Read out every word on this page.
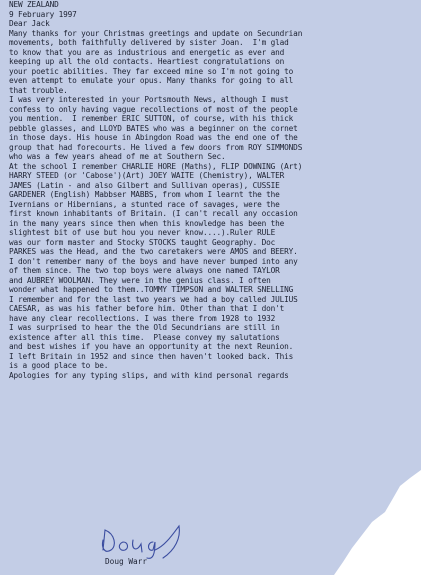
NEW ZEALAND
9 February 1997
Dear Jack
Many thanks for your Christmas greetings and update on Secundrian
movements, both faithfully delivered by sister Joan.  I'm glad
to know that you are as industrious and energetic as ever and
keeping up all the old contacts. Heartiest congratulations on
your poetic abilities. They far exceed mine so I'm not going to
even attempt to emulate your opus. Many thanks for going to all
that trouble.
I was very interested in your Portsmouth News, although I must
confess to only having vague recollections of most of the people
you mention.  I remember ERIC SUTTON, of course, with his thick
pebble glasses, and LLOYD BATES who was a beginner on the cornet
in those days. His house in Abingdon Road was the end one of the
group that had forecourts. He lived a few doors from ROY SIMMONDS
who was a few years ahead of me at Southern Sec.
At the school I remember CHARLIE HORE (Maths), FLIP DOWNING (Art)
HARRY STEED (or 'Cabose')(Art) JOEY WAITE (Chemistry), WALTER
JAMES (Latin - and also Gilbert and Sullivan operas), CUSSIE
GARDENER (English) Mabbser MABBS, from whom I learnt the the
Ivernians or Hibernians, a stunted race of savages, were the
first known inhabitants of Britain. (I can't recall any occasion
in the many years since then when this knowledge has been the
slightest bit of use but hou you never know....).Ruler RULE
was our form master and Stocky STOCKS taught Geography. Doc
PARKES was the Head, and the two caretakers were AMOS and BEERY.
I don't remember many of the boys and have never bumped into any
of them since. The two top boys were always one named TAYLOR
and AUBREY WOOLMAN. They were in the genius class. I often
wonder what happened to them..TOMMY TIMPSON and WALTER SNELLING
I remember and for the last two years we had a boy called JULIUS
CAESAR, as was his father before him. Other than that I don't
have any clear recollections. I was there from 1928 to 1932
I was surprised to hear the the Old Secundrians are still in
existence after all this time.  Please convey my salutations
and best wishes if you have an opportunity at the next Reunion.
I left Britain in 1952 and since then haven't looked back. This
is a good place to be.
Apologies for any typing slips, and with kind personal regards
Doug Warr
